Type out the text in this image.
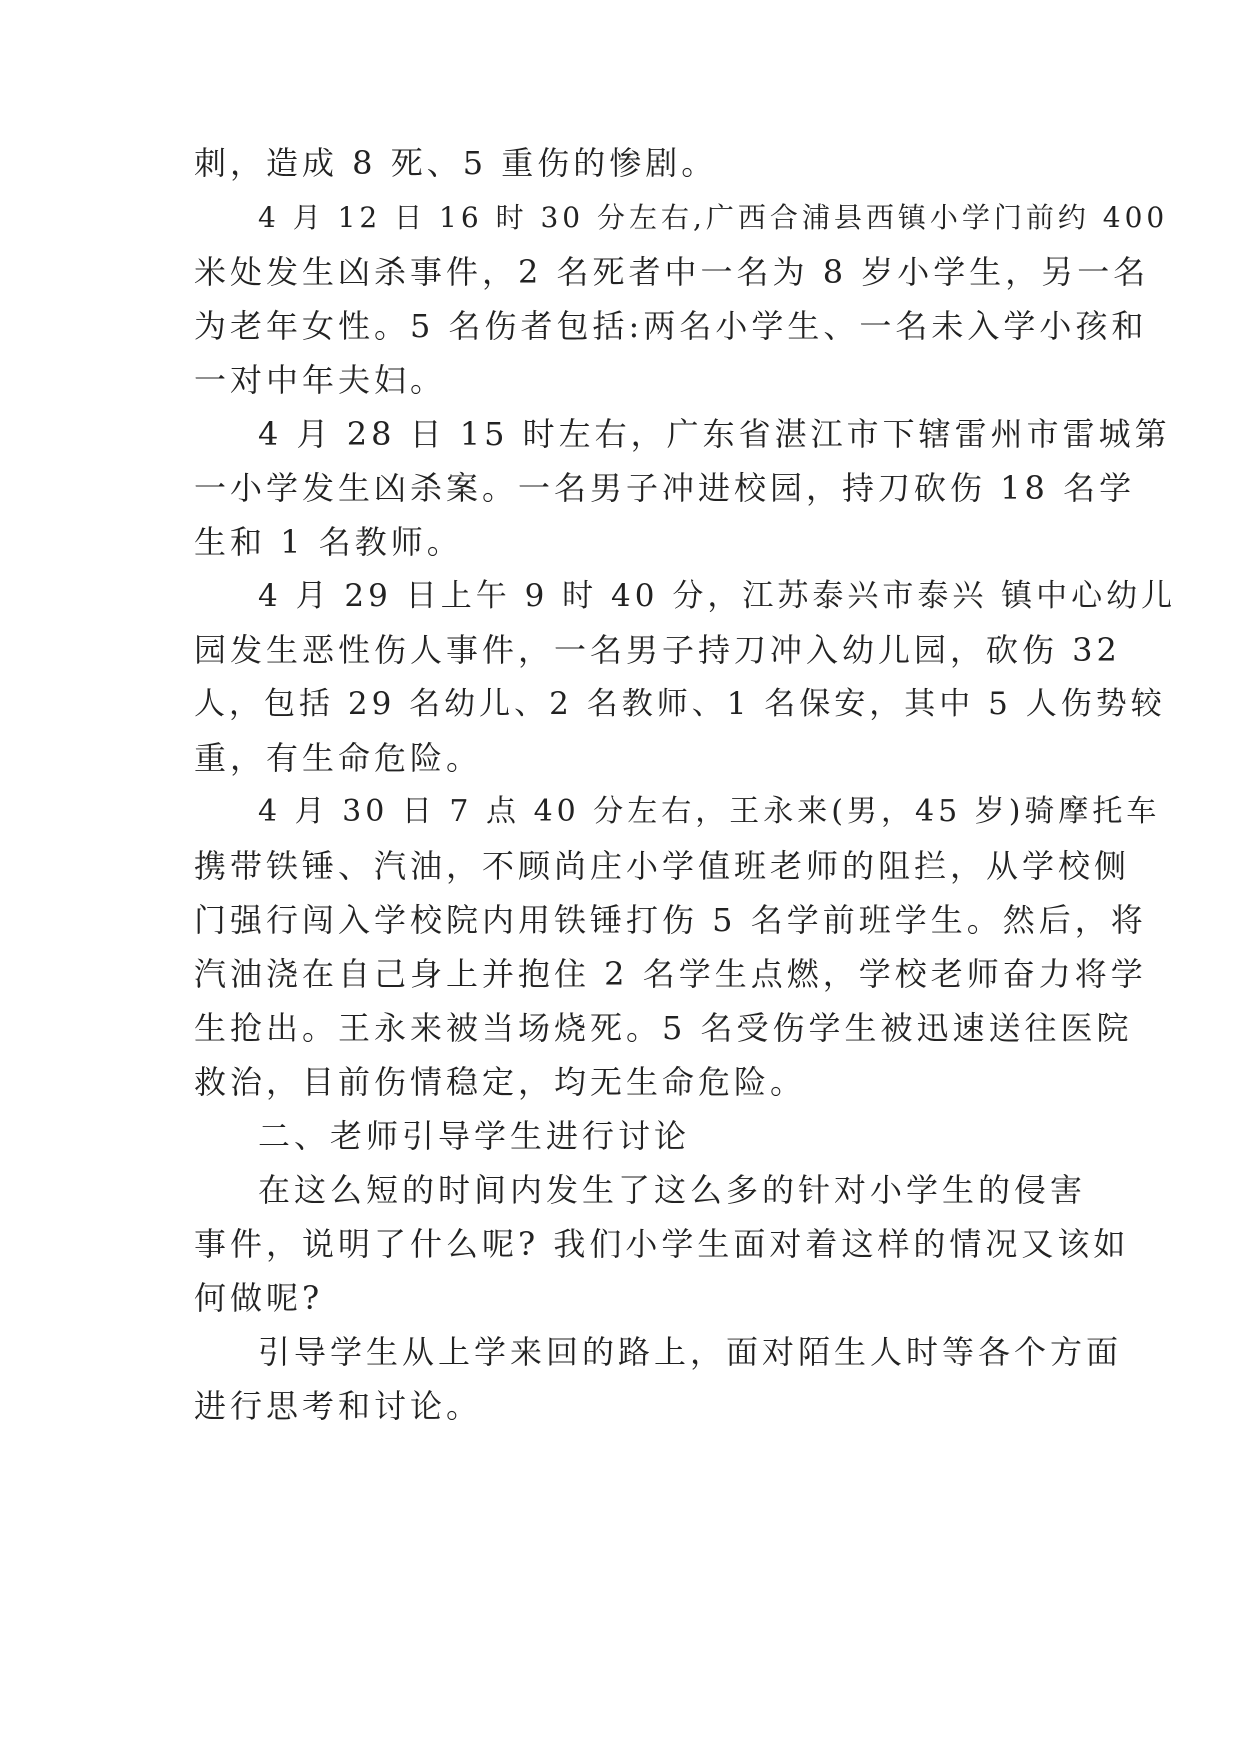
刺，造成 8 死、5 重伤的惨剧。
4 月 12 日 16 时 30 分左右,广西合浦县西镇小学门前约 400
米处发生凶杀事件，2 名死者中一名为 8 岁小学生，另一名
为老年女性。5 名伤者包括:两名小学生、一名未入学小孩和
一对中年夫妇。
4 月 28 日 15 时左右，广东省湛江市下辖雷州市雷城第
一小学发生凶杀案。一名男子冲进校园，持刀砍伤 18 名学
生和 1 名教师。
4 月 29 日上午 9 时 40 分，江苏泰兴市泰兴 镇中心幼儿
园发生恶性伤人事件，一名男子持刀冲入幼儿园，砍伤 32
人，包括 29 名幼儿、2 名教师、1 名保安，其中 5 人伤势较
重，有生命危险。
4 月 30 日 7 点 40 分左右，王永来(男，45 岁)骑摩托车
携带铁锤、汽油，不顾尚庄小学值班老师的阻拦，从学校侧
门强行闯入学校院内用铁锤打伤 5 名学前班学生。然后，将
汽油浇在自己身上并抱住 2 名学生点燃，学校老师奋力将学
生抢出。王永来被当场烧死。5 名受伤学生被迅速送往医院
救治，目前伤情稳定，均无生命危险。
二、老师引导学生进行讨论
在这么短的时间内发生了这么多的针对小学生的侵害
事件，说明了什么呢? 我们小学生面对着这样的情况又该如
何做呢?
引导学生从上学来回的路上，面对陌生人时等各个方面
进行思考和讨论。
